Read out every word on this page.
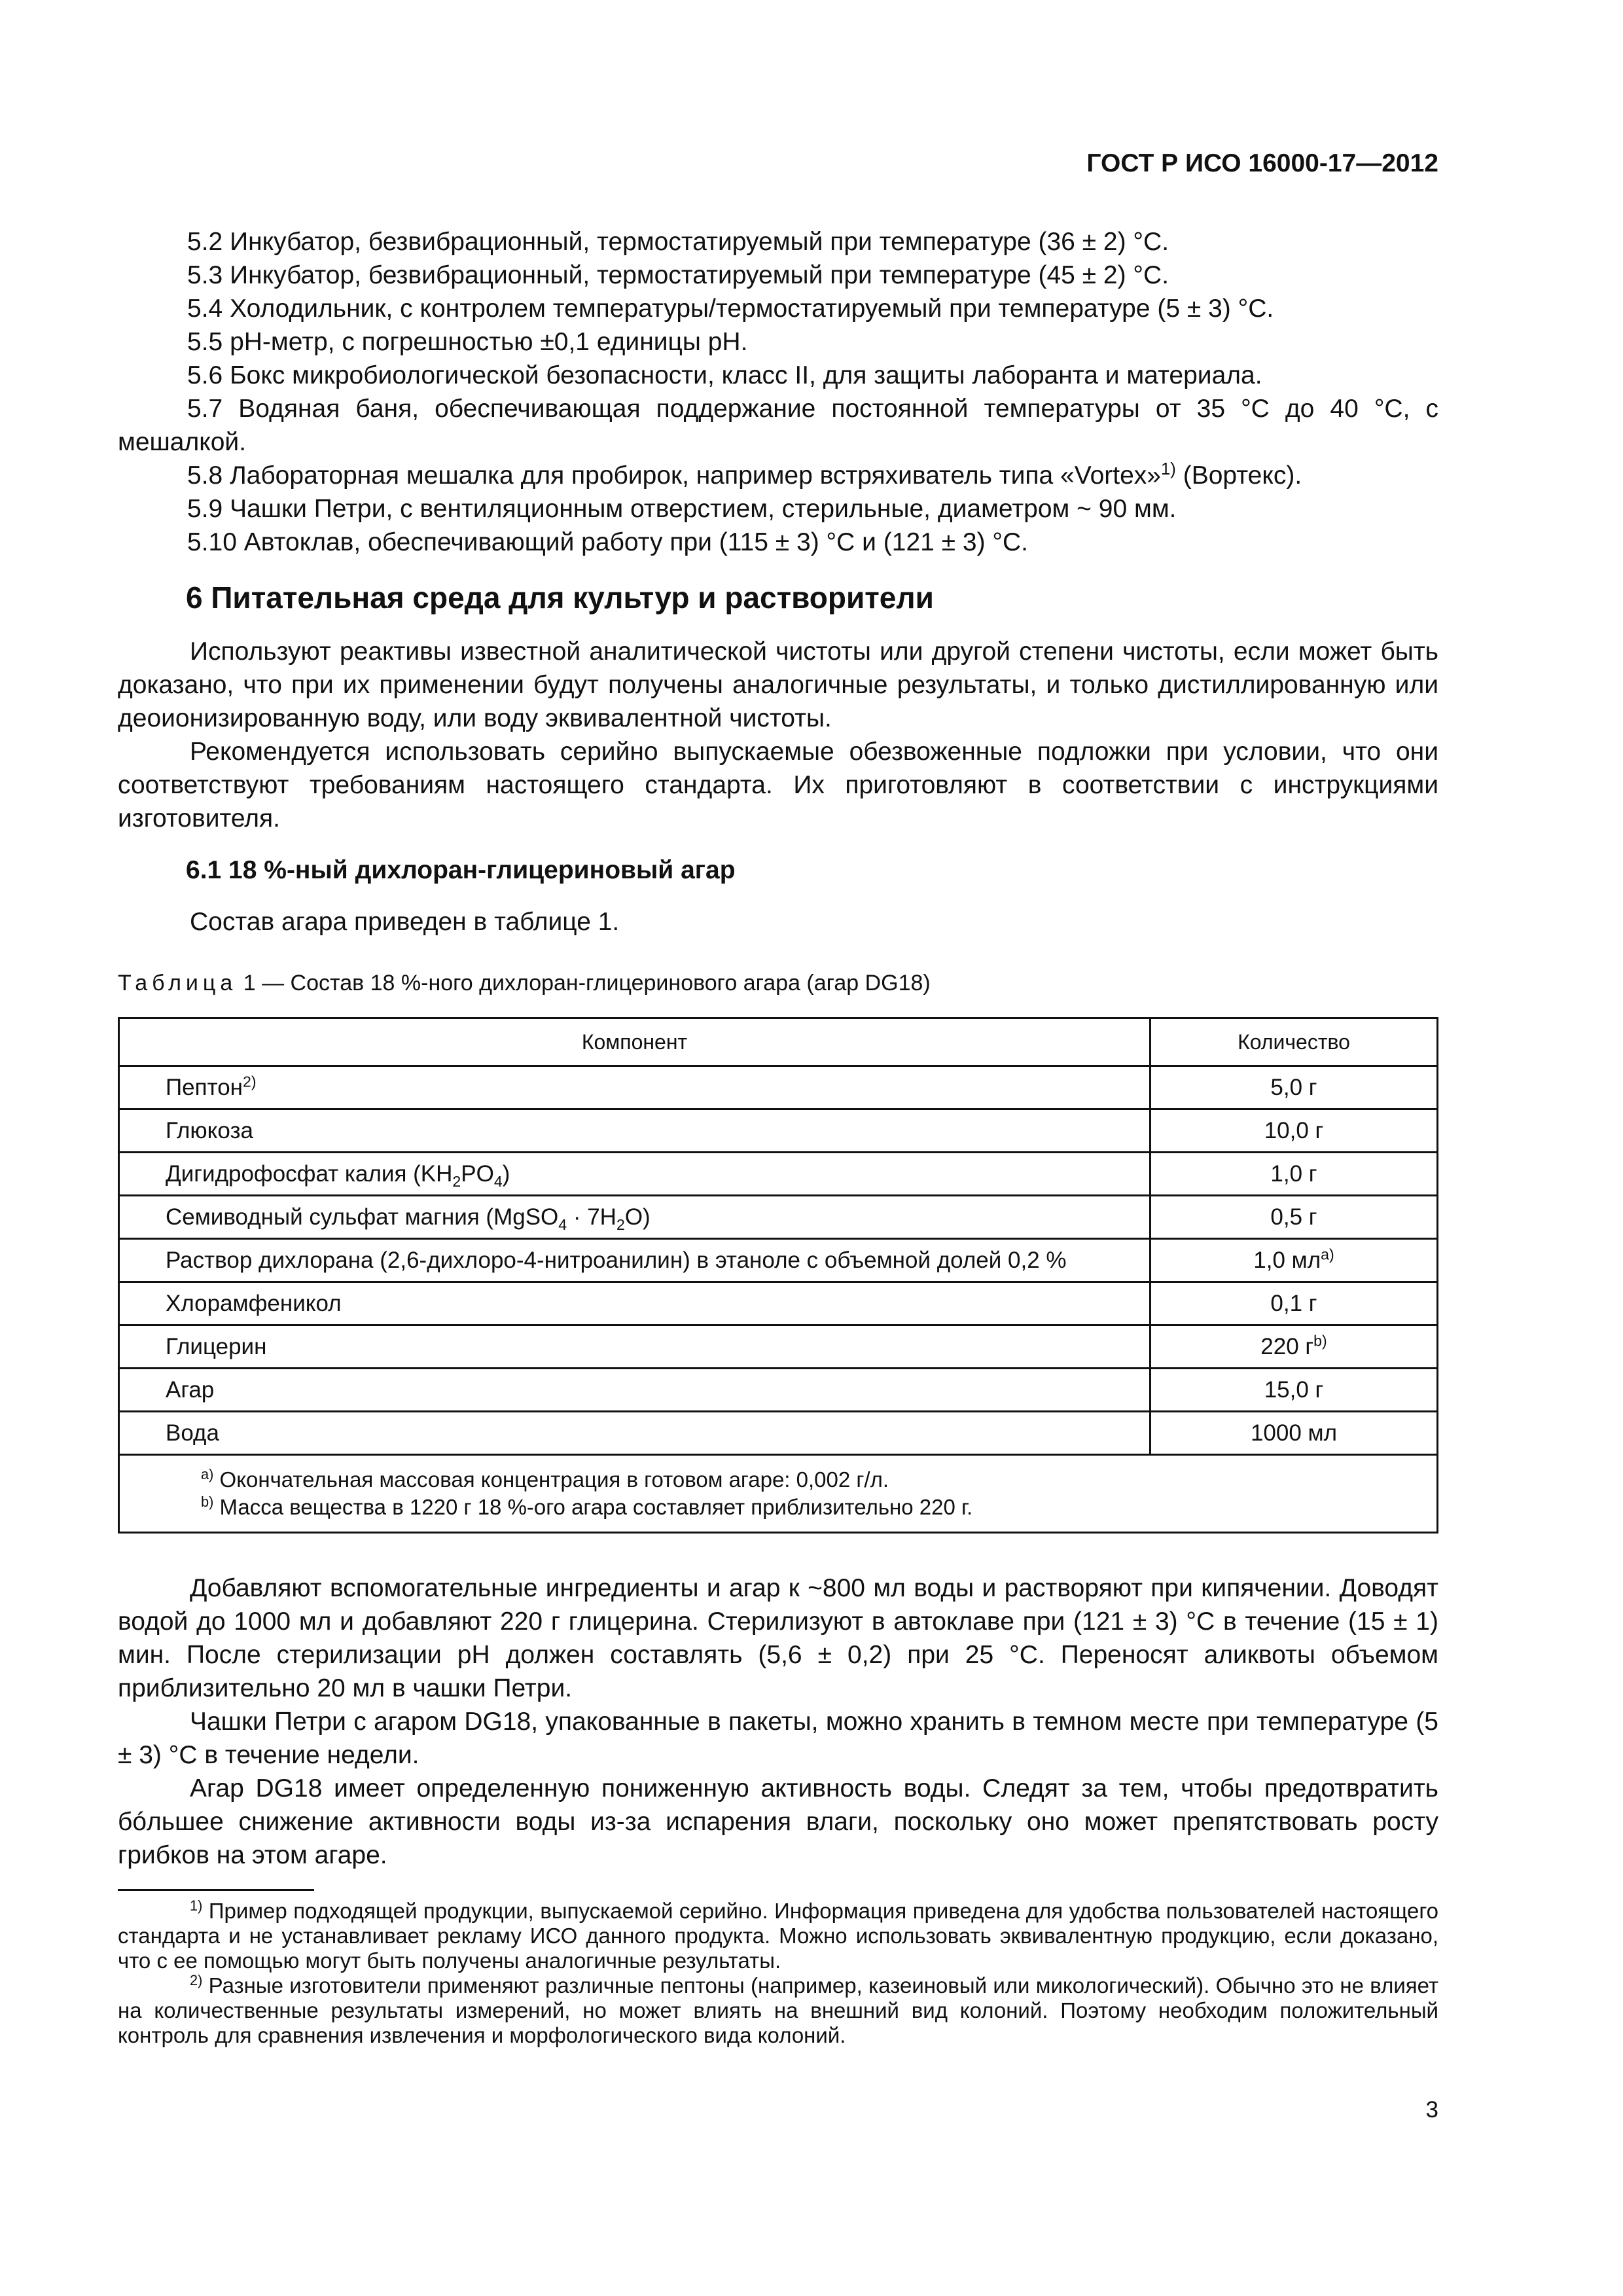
ГОСТ Р ИСО 16000-17—2012

5.2 Инкубатор, безвибрационный, термостатируемый при температуре (36 ± 2) °С.

5.3 Инкубатор, безвибрационный, термостатируемый при температуре (45 ± 2) °С.

5.4 Холодильник, с контролем температуры/термостатируемый при температуре (5 ± 3) °С.

5.5 рН-метр, с погрешностью ±0,1 единицы рН.

5.6 Бокс микробиологической безопасности, класс II, для защиты лаборанта и материала.

5.7 Водяная баня, обеспечивающая поддержание постоянной температуры от 35 °С до 40 °С, с мешалкой.

5.8 Лабораторная мешалка для пробирок, например встряхиватель типа «Vortex»$^{1)}$ (Вортекс).

5.9 Чашки Петри, с вентиляционным отверстием, стерильные, диаметром ~ 90 мм.

5.10 Автоклав, обеспечивающий работу при (115 ± 3) °С и (121 ± 3) °С.

6 Питательная среда для культур и растворители

Используют реактивы известной аналитической чистоты или другой степени чистоты, если может быть доказано, что при их применении будут получены аналогичные результаты, и только дистиллированную или деоионизированную воду, или воду эквивалентной чистоты.

Рекомендуется использовать серийно выпускаемые обезвоженные подложки при условии, что они соответствуют требованиям настоящего стандарта. Их приготовляют в соответствии с инструкциями изготовителя.

6.1 18 %-ный дихлоран-глицериновый агар

Состав агара приведен в таблице 1.

Таблица 1 — Состав 18 %-ного дихлоран-глицеринового агара (агар DG18)
Компонент	Количество
Пептон$^{2)}$	5,0 г
Глюкоза	10,0 г
Дигидрофосфат калия $(KH_2PO_4)$	1,0 г
Семиводный сульфат магния (MgSO$_4$ · $7H_2O$)	0,5 г
Раствор дихлорана (2,6-дихлоро-4-нитроанилин) в этаноле с объемной долей 0,2 %	1,0 $мл^{а)}$
Хлорамфеникол	0,1 г
Глицерин	220 $г^{b)}$
Агар	15,0 г
Вода	1000 мл

$^{а)}$ Окончательная массовая концентрация в готовом агаре: 0,002 г/л.
$^{b)}$ Масса вещества в 1220 г 18 %-ого агара составляет приблизительно 220 г.	

Добавляют вспомогательные ингредиенты и агар к ~800 мл воды и растворяют при кипячении. Доводят водой до 1000 мл и добавляют 220 г глицерина. Стерилизуют в автоклаве при (121 ± 3) °С в течение (15 ± 1) мин. После стерилизации рН должен составлять (5,6 ± 0,2) при 25 °С. Переносят аликвоты объемом приблизительно 20 мл в чашки Петри.

Чашки Петри с агаром DG18, упакованные в пакеты, можно хранить в темном месте при температуре (5 ± 3) °С в течение недели.

Агар DG18 имеет определенную пониженную активность воды. Следят за тем, чтобы предотвратить бóльшее снижение активности воды из-за испарения влаги, поскольку оно может препятствовать росту грибков на этом агаре.

$^{1)}$ Пример подходящей продукции, выпускаемой серийно. Информация приведена для удобства пользователей настоящего стандарта и не устанавливает рекламу ИСО данного продукта. Можно использовать эквивалентную продукцию, если доказано, что с ее помощью могут быть получены аналогичные результаты.

$^{2)}$ Разные изготовители применяют различные пептоны (например, казеиновый или микологический). Обычно это не влияет на количественные результаты измерений, но может влиять на внешний вид колоний. Поэтому необходим положительный контроль для сравнения извлечения и морфологического вида колоний.

3
